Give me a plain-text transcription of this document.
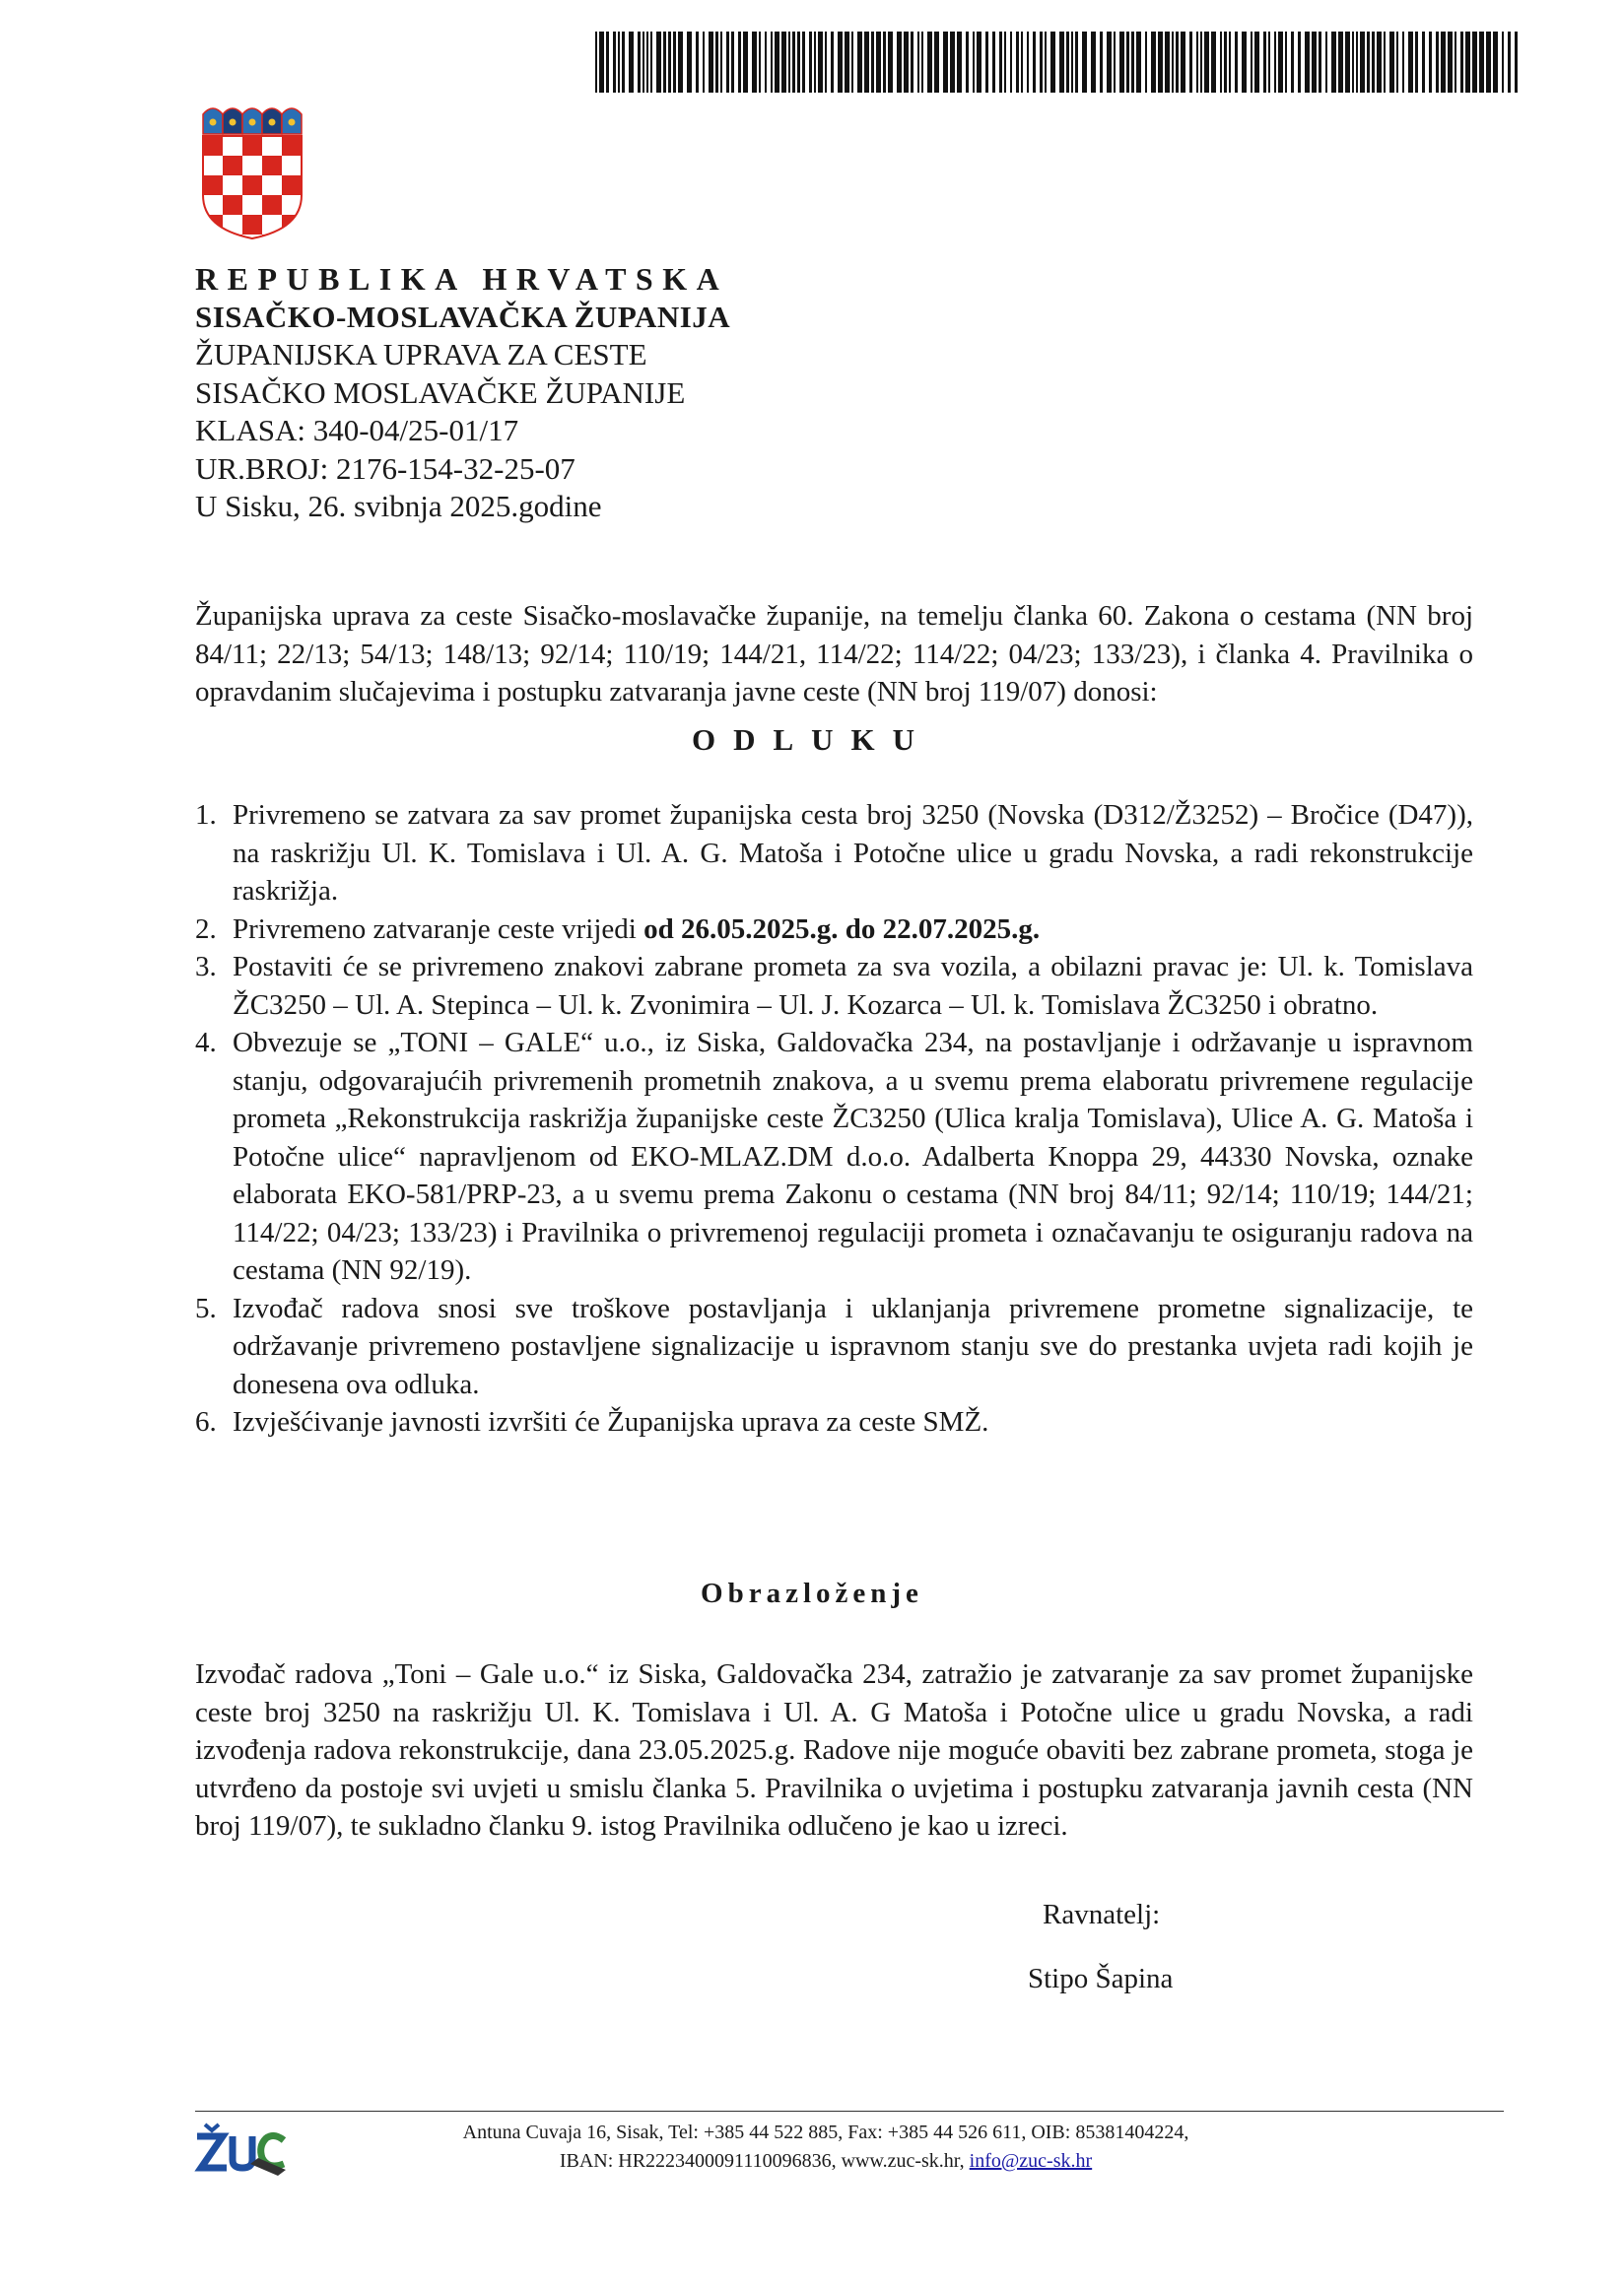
REPUBLIKA HRVATSKA
SISAČKO-MOSLAVAČKA ŽUPANIJA
ŽUPANIJSKA UPRAVA ZA CESTE
SISAČKO MOSLAVAČKE ŽUPANIJE
KLASA: 340-04/25-01/17
UR.BROJ: 2176-154-32-25-07
U Sisku, 26. svibnja 2025.godine
Županijska uprava za ceste Sisačko-moslavačke županije, na temelju članka 60. Zakona o cestama (NN broj 84/11; 22/13; 54/13; 148/13; 92/14; 110/19; 144/21, 114/22; 114/22; 04/23; 133/23), i članka 4. Pravilnika o opravdanim slučajevima i postupku zatvaranja javne ceste (NN broj 119/07) donosi:
ODLUKU
1. Privremeno se zatvara za sav promet županijska cesta broj 3250 (Novska (D312/Ž3252) – Bročice (D47)), na raskrižju Ul. K. Tomislava i Ul. A. G. Matoša i Potočne ulice u gradu Novska, a radi rekonstrukcije raskrižja.
2. Privremeno zatvaranje ceste vrijedi od 26.05.2025.g. do 22.07.2025.g.
3. Postaviti će se privremeno znakovi zabrane prometa za sva vozila, a obilazni pravac je: Ul. k. Tomislava ŽC3250 – Ul. A. Stepinca – Ul. k. Zvonimira – Ul. J. Kozarca – Ul. k. Tomislava ŽC3250 i obratno.
4. Obvezuje se „TONI – GALE“ u.o., iz Siska, Galdovačka 234, na postavljanje i održavanje u ispravnom stanju, odgovarajućih privremenih prometnih znakova, a u svemu prema elaboratu privremene regulacije prometa „Rekonstrukcija raskrižja županijske ceste ŽC3250 (Ulica kralja Tomislava), Ulice A. G. Matoša i Potočne ulice“ napravljenom od EKO-MLAZ.DM d.o.o. Adalberta Knoppa 29, 44330 Novska, oznake elaborata EKO-581/PRP-23, a u svemu prema Zakonu o cestama (NN broj 84/11; 92/14; 110/19; 144/21; 114/22; 04/23; 133/23) i Pravilnika o privremenoj regulaciji prometa i označavanju te osiguranju radova na cestama (NN 92/19).
5. Izvođač radova snosi sve troškove postavljanja i uklanjanja privremene prometne signalizacije, te održavanje privremeno postavljene signalizacije u ispravnom stanju sve do prestanka uvjeta radi kojih je donesena ova odluka.
6. Izvješćivanje javnosti izvršiti će Županijska uprava za ceste SMŽ.
Obrazloženje
Izvođač radova „Toni – Gale u.o.“ iz Siska, Galdovačka 234, zatražio je zatvaranje za sav promet županijske ceste broj 3250 na raskrižju Ul. K. Tomislava i Ul. A. G Matoša i Potočne ulice u gradu Novska, a radi izvođenja radova rekonstrukcije, dana 23.05.2025.g. Radove nije moguće obaviti bez zabrane prometa, stoga je utvrđeno da postoje svi uvjeti u smislu članka 5. Pravilnika o uvjetima i postupku zatvaranja javnih cesta (NN broj 119/07), te sukladno članku 9. istog Pravilnika odlučeno je kao u izreci.
Ravnatelj:
Stipo Šapina
Antuna Cuvaja 16, Sisak, Tel: +385 44 522 885, Fax: +385 44 526 611, OIB: 85381404224,
IBAN: HR2223400091110096836, www.zuc-sk.hr, info@zuc-sk.hr
